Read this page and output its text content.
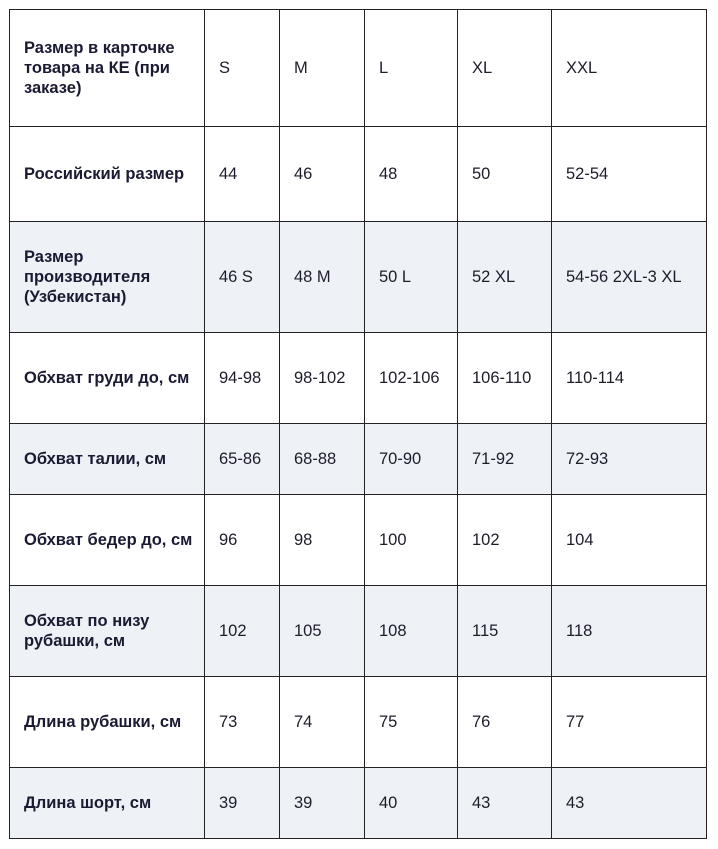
Размер в карточке товара на КЕ (при заказе)	S	M	L	XL	XXL
Российский размер	44	46	48	50	52-54
Размер производителя (Узбекистан)	46 S	48 M	50 L	52 XL	54-56 2XL-3 XL
Обхват груди до, см	94-98	98-102	102-106	106-110	110-114
Обхват талии, см	65-86	68-88	70-90	71-92	72-93
Обхват бедер до, см	96	98	100	102	104
Обхват по низу рубашки, см	102	105	108	115	118
Длина рубашки, см	73	74	75	76	77
Длина шорт, см	39	39	40	43	43
